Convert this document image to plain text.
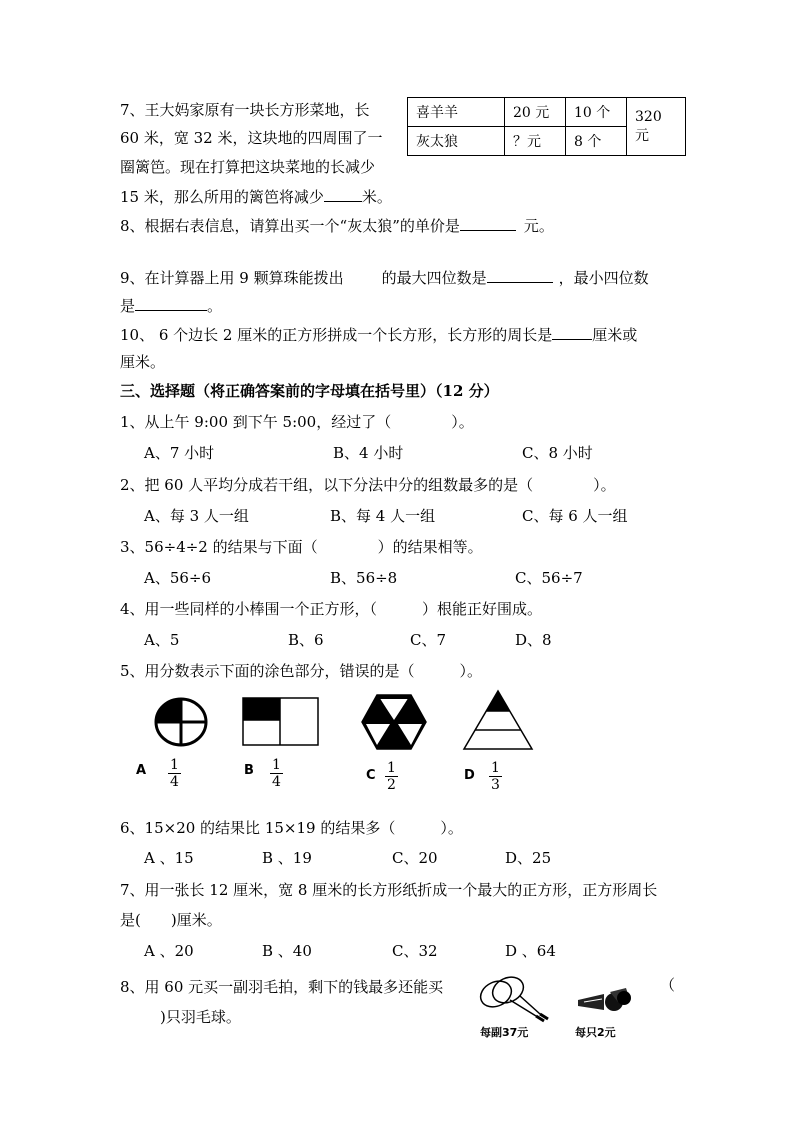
7、王大妈家原有一块长方形菜地，长
60 米，宽 32 米，这块地的四周围了一
圈篱笆。现在打算把这块菜地的长减少
15 米，那么所用的篱笆将减少	米。
喜羊羊	20 元	10 个	320 元
灰太狼	？元	8 个	
8、根据右表信息，请算出买一个“灰太狼”的单价是	元。
9、在计算器上用 9 颗算珠能拨出	的最大四位数是	，最小四位数
是	。
10、 6 个边长 2 厘米的正方形拼成一个长方形，长方形的周长是	厘米或
厘米。
三、选择题（将正确答案前的字母填在括号里）（12 分）
1、从上午 9:00 到下午 5:00，经过了（　　　　）。
A、7 小时	B、4 小时	C、8 小时
2、把 60 人平均分成若干组，以下分法中分的组数最多的是（　　　　）。
A、每 3 人一组	B、每 4 人一组	C、每 6 人一组
3、56÷4÷2 的结果与下面（　　　　）的结果相等。
A、56÷6	B、56÷8	C、56÷7
4、用一些同样的小棒围一个正方形，（　　　）根能正好围成。
A、5	B、6	C、7	D、8
5、用分数表示下面的涂色部分，错误的是（　　　）。
A $\frac{1}{4}$	B $\frac{1}{4}$	C $\frac{1}{2}$	D $\frac{1}{3}$
6、15×20 的结果比 15×19 的结果多（　　　）。
A 、15	B 、19	C、20	D、25
7、用一张长 12 厘米，宽 8 厘米的长方形纸折成一个最大的正方形，正方形周长
是(　　)厘米。
A 、20	B 、40	C、32	D 、64
8、用 60 元买一副羽毛拍，剩下的钱最多还能买	（
)只羽毛球。
每副37元	每只2元
